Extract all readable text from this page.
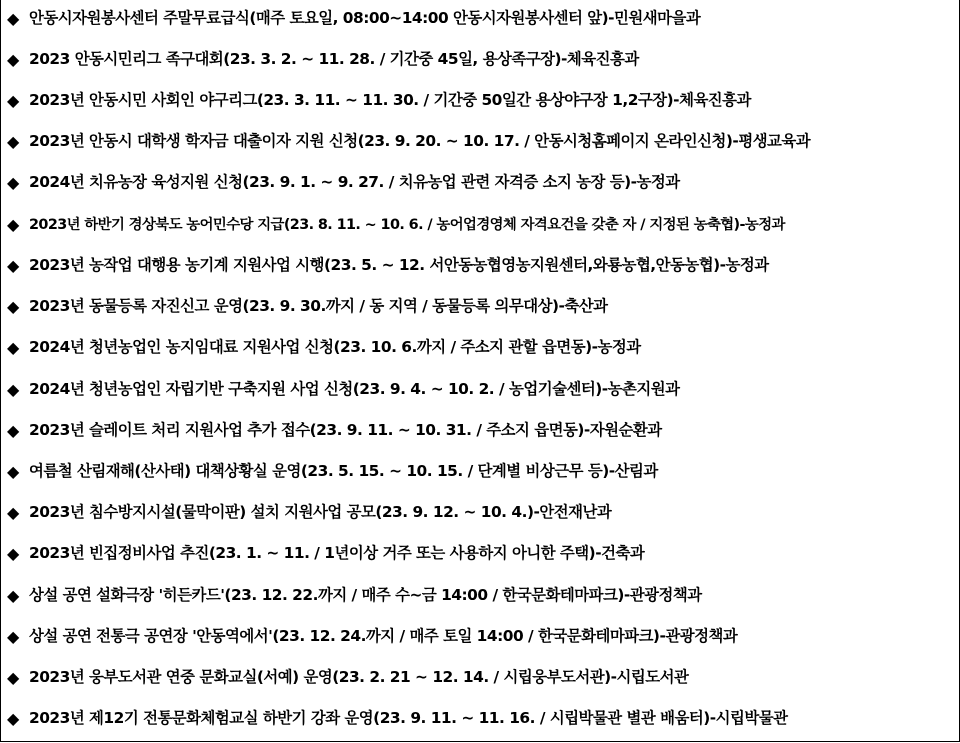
◆ 안동시자원봉사센터 주말무료급식(매주 토요일, 08:00~14:00 안동시자원봉사센터 앞)-민원새마을과
◆ 2023 안동시민리그 족구대회(23. 3. 2. ~ 11. 28. / 기간중 45일, 용상족구장)-체육진흥과
◆ 2023년 안동시민 사회인 야구리그(23. 3. 11. ~ 11. 30. / 기간중 50일간 용상야구장 1,2구장)-체육진흥과
◆ 2023년 안동시 대학생 학자금 대출이자 지원 신청(23. 9. 20. ~ 10. 17. / 안동시청홈페이지 온라인신청)-평생교육과
◆ 2024년 치유농장 육성지원 신청(23. 9. 1. ~ 9. 27. / 치유농업 관련 자격증 소지 농장 등)-농정과
◆ 2023년 하반기 경상북도 농어민수당 지급(23. 8. 11. ~ 10. 6. / 농어업경영체 자격요건을 갖춘 자 / 지정된 농축협)-농정과
◆ 2023년 농작업 대행용 농기계 지원사업 시행(23. 5. ~ 12. 서안동농협영농지원센터,와룡농협,안동농협)-농정과
◆ 2023년 동물등록 자진신고 운영(23. 9. 30.까지 / 동 지역 / 동물등록 의무대상)-축산과
◆ 2024년 청년농업인 농지임대료 지원사업 신청(23. 10. 6.까지 / 주소지 관할 읍면동)-농정과
◆ 2024년 청년농업인 자립기반 구축지원 사업 신청(23. 9. 4. ~ 10. 2. / 농업기술센터)-농촌지원과
◆ 2023년 슬레이트 처리 지원사업 추가 접수(23. 9. 11. ~ 10. 31. / 주소지 읍면동)-자원순환과
◆ 여름철 산림재해(산사태) 대책상황실 운영(23. 5. 15. ~ 10. 15. / 단계별 비상근무 등)-산림과
◆ 2023년 침수방지시설(물막이판) 설치 지원사업 공모(23. 9. 12. ~ 10. 4.)-안전재난과
◆ 2023년 빈집정비사업 추진(23. 1. ~ 11. / 1년이상 거주 또는 사용하지 아니한 주택)-건축과
◆ 상설 공연 설화극장 '히든카드'(23. 12. 22.까지 / 매주 수~금 14:00 / 한국문화테마파크)-관광정책과
◆ 상설 공연 전통극 공연장 '안동역에서'(23. 12. 24.까지 / 매주 토일 14:00 / 한국문화테마파크)-관광정책과
◆ 2023년 웅부도서관 연중 문화교실(서예) 운영(23. 2. 21 ~ 12. 14. / 시립웅부도서관)-시립도서관
◆ 2023년 제12기 전통문화체험교실 하반기 강좌 운영(23. 9. 11. ~ 11. 16. / 시립박물관 별관 배움터)-시립박물관
